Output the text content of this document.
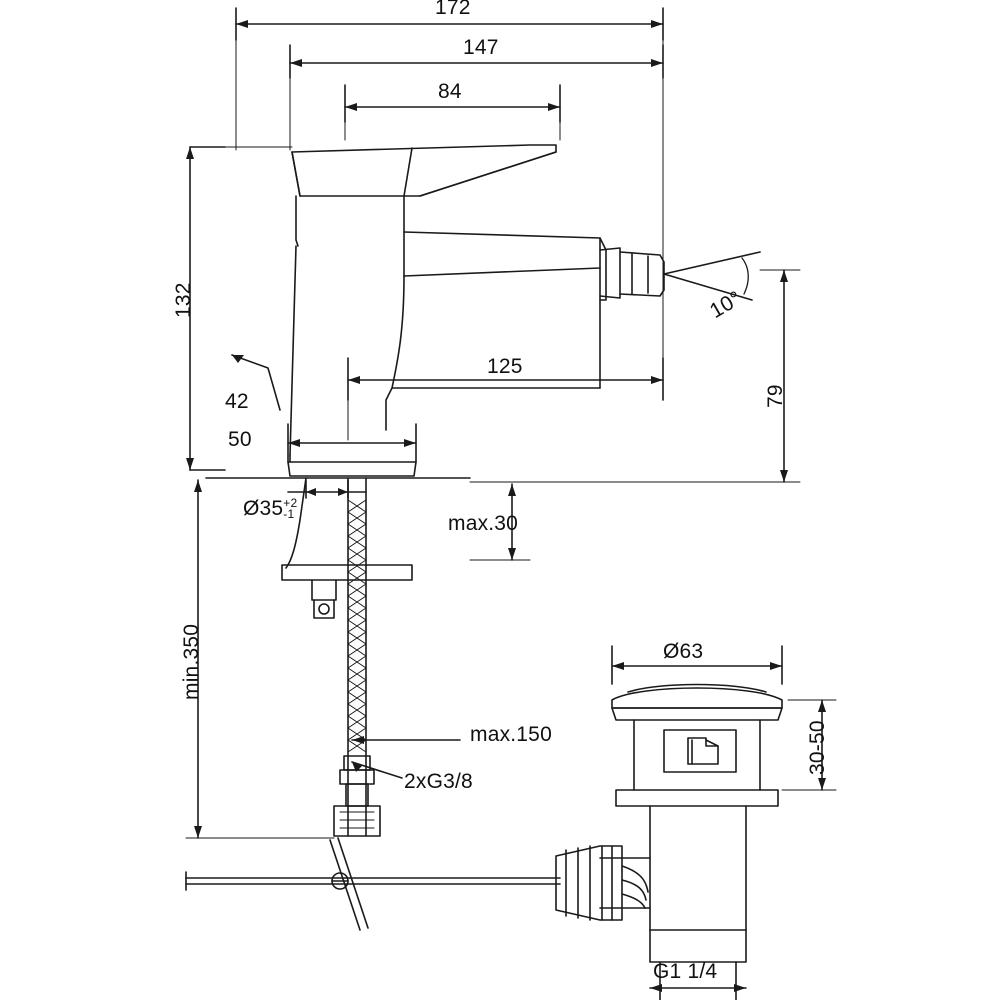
172
147
84
132
125
79
10°
42
50
Ø35 +2
-1	max.30
min.350
max.150
2xG3/8
Ø63
30-50
G1 1/4
